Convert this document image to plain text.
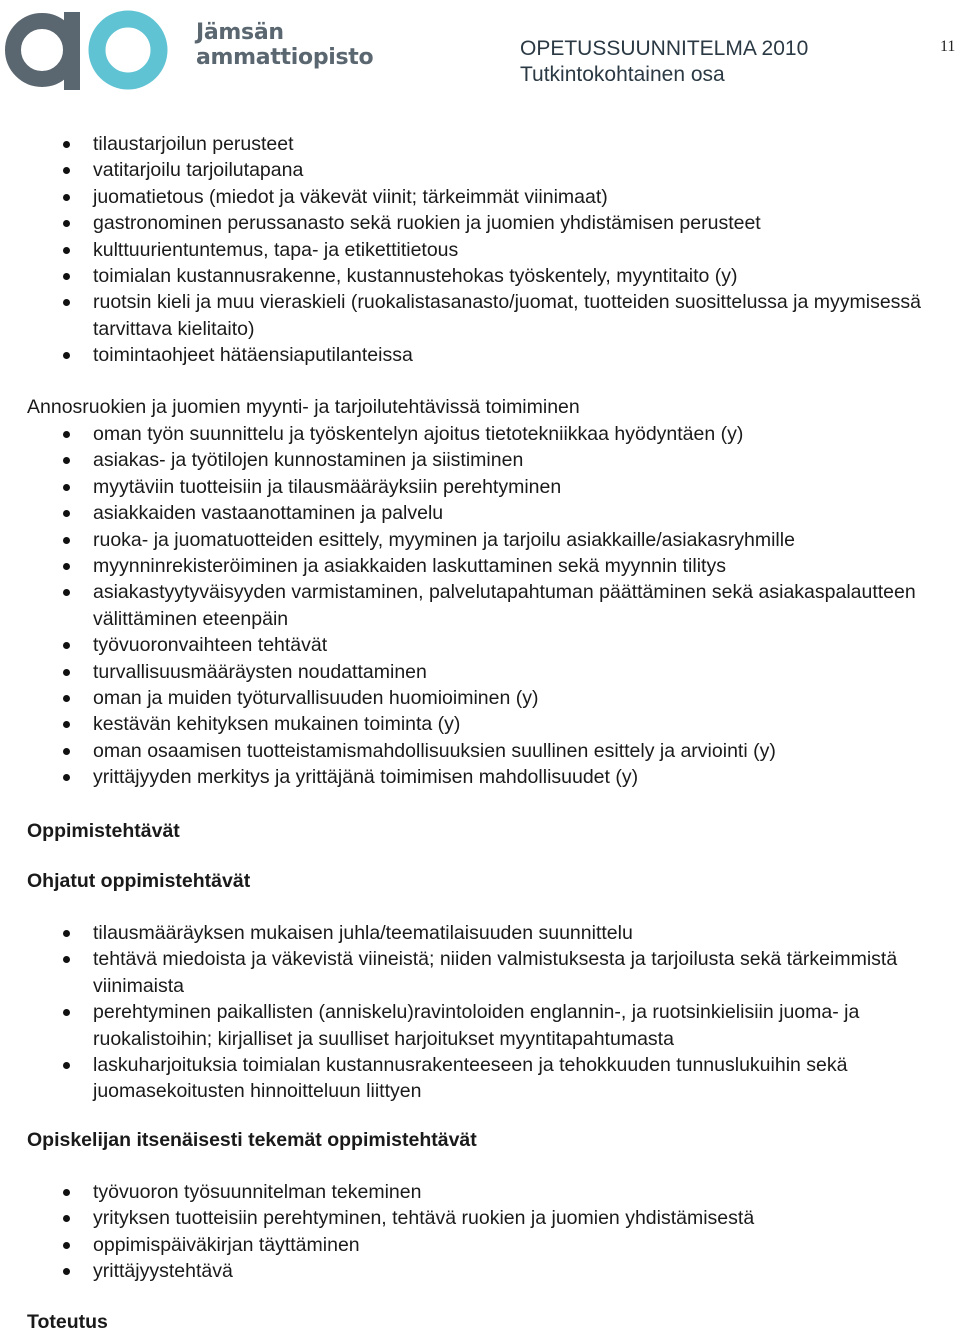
Jämsän
ammattiopisto	OPETUSSUUNNITELMA 2010
Tutkintokohtainen osa
11
tilaustarjoilun perusteet
vatitarjoilu tarjoilutapana
juomatietous (miedot ja väkevät viinit; tärkeimmät viinimaat)
gastronominen perussanasto sekä ruokien ja juomien yhdistämisen perusteet
kulttuurientuntemus, tapa- ja etikettitietous
toimialan kustannusrakenne, kustannustehokas työskentely, myyntitaito (y)
ruotsin kieli ja muu vieraskieli (ruokalistasanasto/juomat, tuotteiden suosittelussa ja myymisessä tarvittava kielitaito)
toimintaohjeet hätäensiaputilanteissa
Annosruokien ja juomien myynti- ja tarjoilutehtävissä toimiminen
oman työn suunnittelu ja työskentelyn ajoitus tietotekniikkaa hyödyntäen (y)
asiakas- ja työtilojen kunnostaminen ja siistiminen
myytäviin tuotteisiin ja tilausmääräyksiin perehtyminen
asiakkaiden vastaanottaminen ja palvelu
ruoka- ja juomatuotteiden esittely, myyminen ja tarjoilu asiakkaille/asiakasryhmille
myynninrekisteröiminen ja asiakkaiden laskuttaminen sekä myynnin tilitys
asiakastyytyväisyyden varmistaminen, palvelutapahtuman päättäminen sekä asiakaspalautteen välittäminen eteenpäin
työvuoronvaihteen tehtävät
turvallisuusmääräysten noudattaminen
oman ja muiden työturvallisuuden huomioiminen (y)
kestävän kehityksen mukainen toiminta (y)
oman osaamisen tuotteistamismahdollisuuksien suullinen esittely ja arviointi (y)
yrittäjyyden merkitys ja yrittäjänä toimimisen mahdollisuudet (y)
Oppimistehtävät
Ohjatut oppimistehtävät
tilausmääräyksen mukaisen juhla/teematilaisuuden suunnittelu
tehtävä miedoista ja väkevistä viineistä; niiden valmistuksesta ja tarjoilusta sekä tärkeimmistä viinimaista
perehtyminen paikallisten (anniskelu)ravintoloiden englannin-, ja ruotsinkielisiin juoma- ja ruokalistoihin; kirjalliset ja suulliset harjoitukset myyntitapahtumasta
laskuharjoituksia toimialan kustannusrakenteeseen ja tehokkuuden tunnuslukuihin sekä juomasekoitusten hinnoitteluun liittyen
Opiskelijan itsenäisesti tekemät oppimistehtävät
työvuoron työsuunnitelman tekeminen
yrityksen tuotteisiin perehtyminen, tehtävä ruokien ja juomien yhdistämisestä
oppimispäiväkirjan täyttäminen
yrittäjyystehtävä
Toteutus
